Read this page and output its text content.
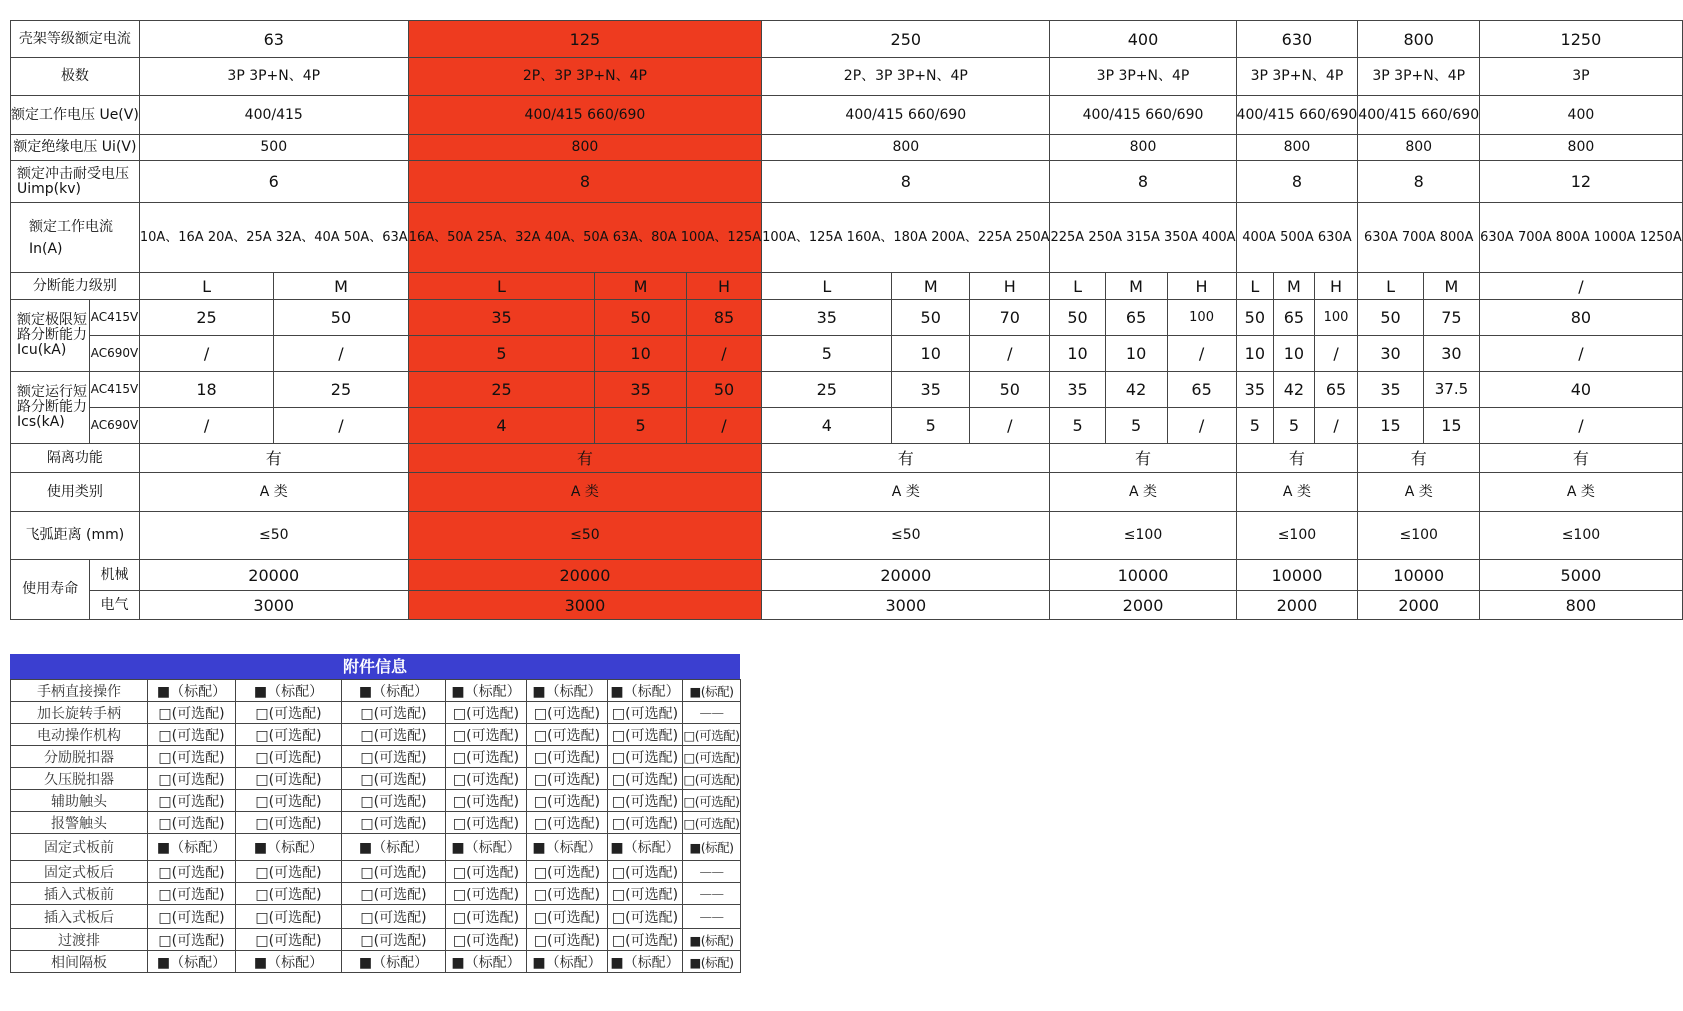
壳架等级额定电流		63		125			250			400			630			800		1250
极数		3P 3P+N、4P		2P、3P 3P+N、4P			2P、3P 3P+N、4P			3P 3P+N、4P			3P 3P+N、4P			3P 3P+N、4P		3P
额定工作电压 Ue(V)		400/415		400/415 660/690			400/415 660/690			400/415 660/690			400/415 660/690			400/415 660/690		400
额定绝缘电压 Ui(V)		500		800			800			800			800			800		800
额定冲击耐受电压 Uimp(kv)		6		8			8			8			8			8		12
额定工作电流 In(A)		10A、16A 20A、25A 32A、40A 50A、63A		16A、50A 25A、32A 40A、50A 63A、80A 100A、125A			100A、125A 160A、180A 200A、225A 250A			225A 250A 315A 350A 400A			400A 500A 630A			630A 700A 800A		630A 700A 800A 1000A 1250A
分断能力级别		L	M	L	M	H	L	M	H	L	M	H	L	M	H	L	M	/
额定极限短 路分断能力 Icu(kA)	AC415V	25	50	35	50	85	35	50	70	50	65	100	50	65	100	50	75	80
	AC690V	/	/	5	10	/	5	10	/	10	10	/	10	10	/	30	30	/
额定运行短 路分断能力 Ics(kA)	AC415V	18	25	25	35	50	25	35	50	35	42	65	35	42	65	35	37.5	40
	AC690V	/	/	4	5	/	4	5	/	5	5	/	5	5	/	15	15	/
隔离功能		有		有			有			有			有			有		有
使用类别		A 类		A 类			A 类			A 类			A 类			A 类		A 类
飞弧距离 (mm)		≤50		≤50			≤50			≤100			≤100			≤100		≤100
使用寿命	机械	20000		20000			20000			10000			10000			10000		5000
	电气	3000		3000			3000			2000			2000			2000		800
附件信息
手柄直接操作	■（标配）	■（标配）	■（标配）	■（标配）	■（标配）	■（标配）	■(标配)
加长旋转手柄	□(可选配)	□(可选配)	□(可选配)	□(可选配)	□(可选配)	□(可选配)	——
电动操作机构	□(可选配)	□(可选配)	□(可选配)	□(可选配)	□(可选配)	□(可选配)	□(可选配)
分励脱扣器	□(可选配)	□(可选配)	□(可选配)	□(可选配)	□(可选配)	□(可选配)	□(可选配)
久压脱扣器	□(可选配)	□(可选配)	□(可选配)	□(可选配)	□(可选配)	□(可选配)	□(可选配)
辅助触头	□(可选配)	□(可选配)	□(可选配)	□(可选配)	□(可选配)	□(可选配)	□(可选配)
报警触头	□(可选配)	□(可选配)	□(可选配)	□(可选配)	□(可选配)	□(可选配)	□(可选配)
固定式板前	■（标配）	■（标配）	■（标配）	■（标配）	■（标配）	■（标配）	■(标配)
固定式板后	□(可选配)	□(可选配)	□(可选配)	□(可选配)	□(可选配)	□(可选配)	——
插入式板前	□(可选配)	□(可选配)	□(可选配)	□(可选配)	□(可选配)	□(可选配)	——
插入式板后	□(可选配)	□(可选配)	□(可选配)	□(可选配)	□(可选配)	□(可选配)	——
过渡排	□(可选配)	□(可选配)	□(可选配)	□(可选配)	□(可选配)	□(可选配)	■(标配)
相间隔板	■（标配）	■（标配）	■（标配）	■（标配）	■（标配）	■（标配）	■(标配)
